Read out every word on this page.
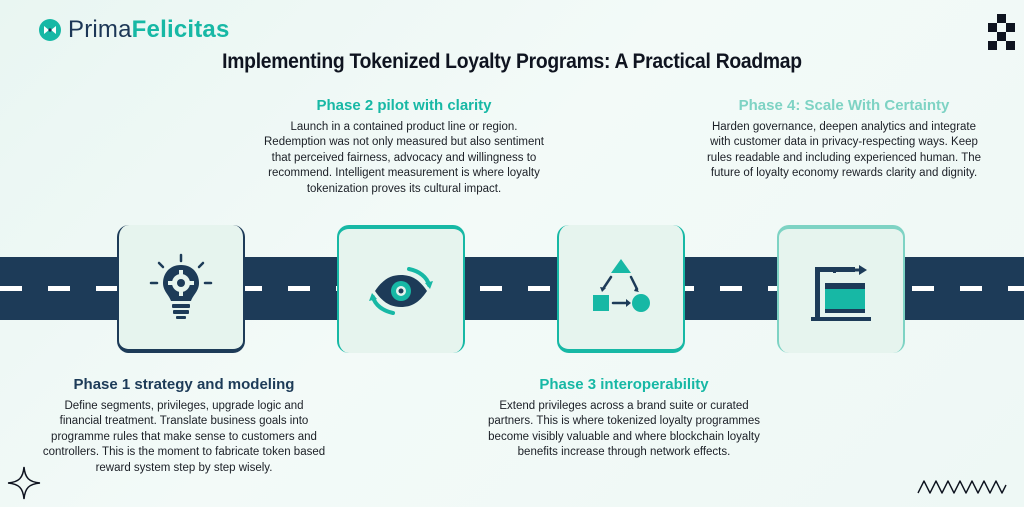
PrimaFelicitas
Implementing Tokenized Loyalty Programs: A Practical Roadmap
Phase 1 strategy and modeling

Define segments, privileges, upgrade logic and financial treatment. Translate business goals into programme rules that make sense to customers and controllers. This is the moment to fabricate token based reward system step by step wisely.

Phase 2 pilot with clarity

Launch in a contained product line or region. Redemption was not only measured but also sentiment that perceived fairness, advocacy and willingness to recommend. Intelligent measurement is where loyalty tokenization proves its cultural impact.

Phase 3 interoperability

Extend privileges across a brand suite or curated partners. This is where tokenized loyalty programmes become visibly valuable and where blockchain loyalty benefits increase through network effects.

Phase 4: Scale With Certainty

Harden governance, deepen analytics and integrate with customer data in privacy-respecting ways. Keep rules readable and including experienced human. The future of loyalty economy rewards clarity and dignity.
